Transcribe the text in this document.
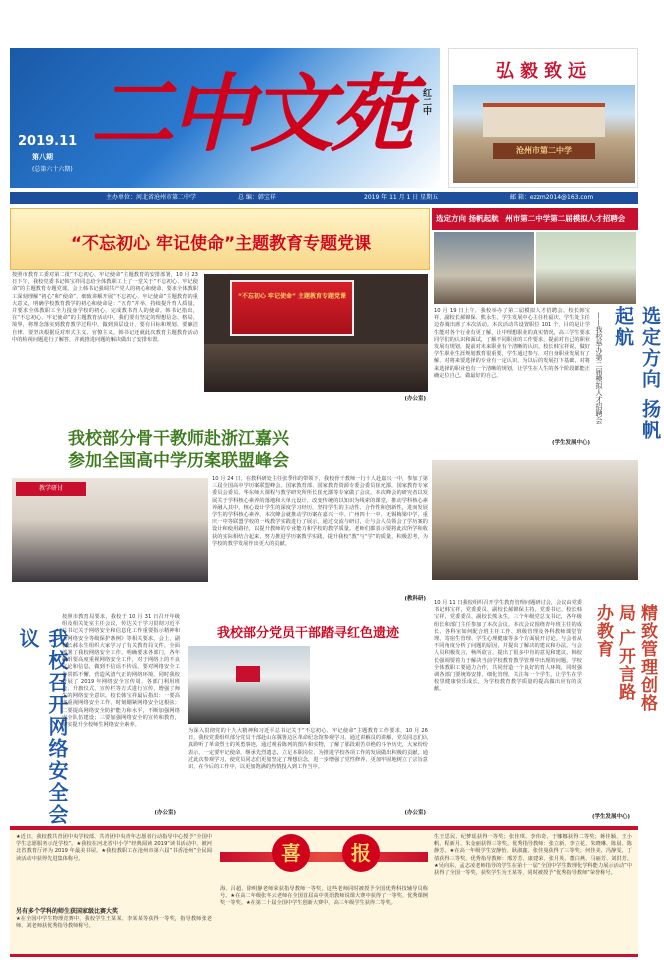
二中文苑 红二中
2019.11
第八期
(总第六十六期)
弘毅致远
沧州市第二中学
主办单位：河北省沧州市第二中学	总 编：韩宝祥	2019 年 11 月 1 日 星期五	邮 箱：ezzm2014@163.com
“不忘初心 牢记使命”主题教育专题党课
按照市教育工委对第二批“不忘初心、牢记使命”主题教育的安排部署，10 月 23 日下午，我校党委书记韩宝祥同志给全体教职工上了一堂关于“不忘初心、牢记使命”的主题教育专题党课。会上韩书记强调共产党人的初心和使命，要求全体教职工深刻理解“初心”和“使命”，细致讲解开展“不忘初心、牢记使命”主题教育的重大意义，明确学校教育教学的初心和使命是：“五育”并举，持续提升育人质量。并要求全体教职工全力投身学校的初心，完成教书育人的使命。韩书记指出，在“不忘初心、牢记使命”的主题教育活动中，我们要有坚定的理想信念、格局、境界，将理念落实到教育教学过程中，做到顶层设计、要有目标和规划、要廉洁自律、要坚决根据反对形式主义、官僚主义。韩书记还就此次教育主题教育活动中的检视问题进行了解答，并就推进问题的解决做出了安排布置。
“不忘初心 牢记使命” 主题教育专题党课
(办公室)
选定方向 扬帆起航 州市第二中学第二届模拟人才招聘会
10 月 19 日上午，我校举办了第二届模拟人才招聘会。校长韩宝祥、副校长郝锦保、熊永生，学生发展中心主任杜福庆、学生处主任边春骑出席了本次活动。本次活动共设置职位 101 个，目的是让学生能对各个行业有更了解，让中理想职业的真实情况，高三学生要求同学们的认识和面试，了解不同职业的工作要求，提前对自己的职业发展有规划，提前对未来职业有个清晰的认识。校长韩宝祥说，做好学生职业生涯规划教育很重要，学生通过参与，对自身职业发展有了解，对将来要选择的专业有一定认识，为以后的发展打下基础，对将来选择的职业也有一个清晰的规划，让学生在人生的各个阶段都能正确定位自己，做最好的自己。	选定方向 扬帆起航
——我校举办第二届模拟人才招聘会
(学生发展中心)
我校部分骨干教师赴浙江嘉兴
参加全国高中学历案联盟峰会
教学研讨
10 月 24 日，在教科研处主任张季伟的带领下，我校骨干教师一行十人赴嘉兴一中，参加了第三届全国高中学历案联盟峰会。国家教育部、国家教育资源专委会委员崔允漷，国家教育专家委员会委员、华东师大课程与教学研究所所长崔允漷等专家做了会议。本次峰会的研究者以发展关于学科核心素养的落地和大单元设计，改变传统的以知识为线索的课堂，推动学科核心素养融入其中，核心设计学生的深度学习经历，坚持学生的主动性、合作性和创新性，进而发展学生的学科核心素养。本次峰会就推动学历案在嘉兴一中、广州四十一中、无锡梅梁中学、重庆一中等联盟学校的一线教学实践进行了展示，通过交流与研讨，让与会人员领会了学历案的设计和使用路径，以提升教师的专业能力和学校的教学质量。老师们都表示要将此次所学和收获的实际相结合起来，努力推进学历案教学实践，提升我校“教”与“学”的质量，积极思考，为学校的教学发展作出更大的贡献。
(教科研)
我校召开网络安全会议
按照市教育局要求，我校于 10 月 31 日召开年级组及相关处室主任会议，传达关于学习贯彻习近平总书记关于网络安全和信息化工作重要指示精神和《网络安全等级保护条例》等相关要求，会上，副校长郝永生组织大家学习了有关教育局文件，全面部署了我校网络安全工作。明确要求各部门，各年级组要高度重视网络安全工作，对于网络上的不良言论和信息，做到不信谣不传谣，要对网络安全工作常抓不懈，营造风清气正的网络环境。同时我校开展了 2019 年网络安全宣传周，各部门利用班会、升旗仪式、宣传栏等方式进行宣传，增强了师生的网络安全意识。校长韩宝祥最后指出：一要高度重视网络安全工作，时刻绷紧网络安全这根弦；二要提高网络安全防护能力和水平，不断加强网络安全队伍建设；三要加强网络安全的宣传和教育，切实提升全校师生网络安全素养。
(办公室)
我校部分党员干部踏寻红色遗迹
为深入贯彻党的十九大精神和习近平总书记关于“不忘初心、牢记使命”主题教育工作要求，10 月 26 日，我校党委组织部分党员干部赴山东冀鲁边区革命纪念馆参观学习。通过讲解员的讲解，党员同志们认真聆听了革命烈士的英勇事迹，通过观看陈列的图片和实物，了解了那段艰苦卓绝的斗争历史，大家纷纷表示，一定要牢记使命，继承先烈遗志，立足本职岗位，为推进学校各项工作的发展做出积极的贡献。通过此次参观学习，使党员同志们更加坚定了理想信念，进一步增强了党性修养，更加牢固地树立了宗旨意识，在今后的工作中，以更加饱满的热情投入到工作当中。
(办公室)
10 月 11 日我校组织召开学生教育管理问题研讨会，会议由党委书记韩宝祥，党委委员、副校长郝锦保主持，党委书记、校长韩宝祥，党委委员、副校长熊永生，三个年级党总支书记，各年级组长和部门主任参加了本次会议。本次会议围绕青年班主任的成长、各科室如何配合班主任工作、班级管理及各科教师课堂管理、寄宿生管理、学生心理健康等多个方面展开讨论。与会者从不同角度分析了问题的原因，并提出了解决的建议和办法。与会人员积极发言，畅所欲言，提出了很多中肯的意见和建议。韩校长强调要着力于解决当前学校教育教学管理中出现的问题，学校全体教职工要通力合作，共同营造一个良好的育人环境，同时强调各部门要统筹安排、细化管理，关注每一个学生，让学生在学校里健康快乐成长，为学校教育教学质量的提高做出应有的贡献。	精致管理创格局 广开言路办教育
(学生发展中心)
★近日，我校教共青团中央学校部、共青团中央青年志愿者行动指导中心授予“全国中学生志愿服务示范学校”。★我校在河北省中小学“经典阅读 2019”读书活动中，被河北省教育厅评为 2019 年最美书屋。★我校教职工在沧州市第六届“书香沧州”全民阅读活动中获得先进集体称号。
另有多个学科的师生获国家级比赛大奖
★在全国中学生物理竞赛中，我校学生王某某、李某某等获得一等奖，指导教师张老师、刘老师获优秀指导教师称号。
喜	报
海、吕超、徐明静老师荣获指导教师一等奖，这些老师同时被授予全国优秀科技辅导员称号。★在高二年级张冬云老师在全国首届高中英语教师说课大赛中获得了一等奖、优秀课例奖一等奖。★在第二十届全国中学生创新大赛中，高三年级学生获得二等奖。
生王思民、纪梦瑶获得一等奖；张佳琪、李伟奇、于娜娜获得二等奖；蒋佳颖、王小帆、程新月、朱金丽获得三等奖。优秀指导教师：张立新、李立花、朱晓琳、陈晨、陈静芳。★在高一年级学生安静怡、耿淑鑫、张佳曼获得了三等奖；何佳美、冯静雯、丁倩获得三等奖。优秀指导教师：邢芳芳、康建荣、张月英、董白燕、马丽芳、刘洪芳。★吴向东、孟志凌老师指导的学生在第十一届“全国中学生数理化学科能力展示活动”中获得了全国一等奖，获奖学生为王某等，同时被授予“优秀指导教师”荣誉称号。
